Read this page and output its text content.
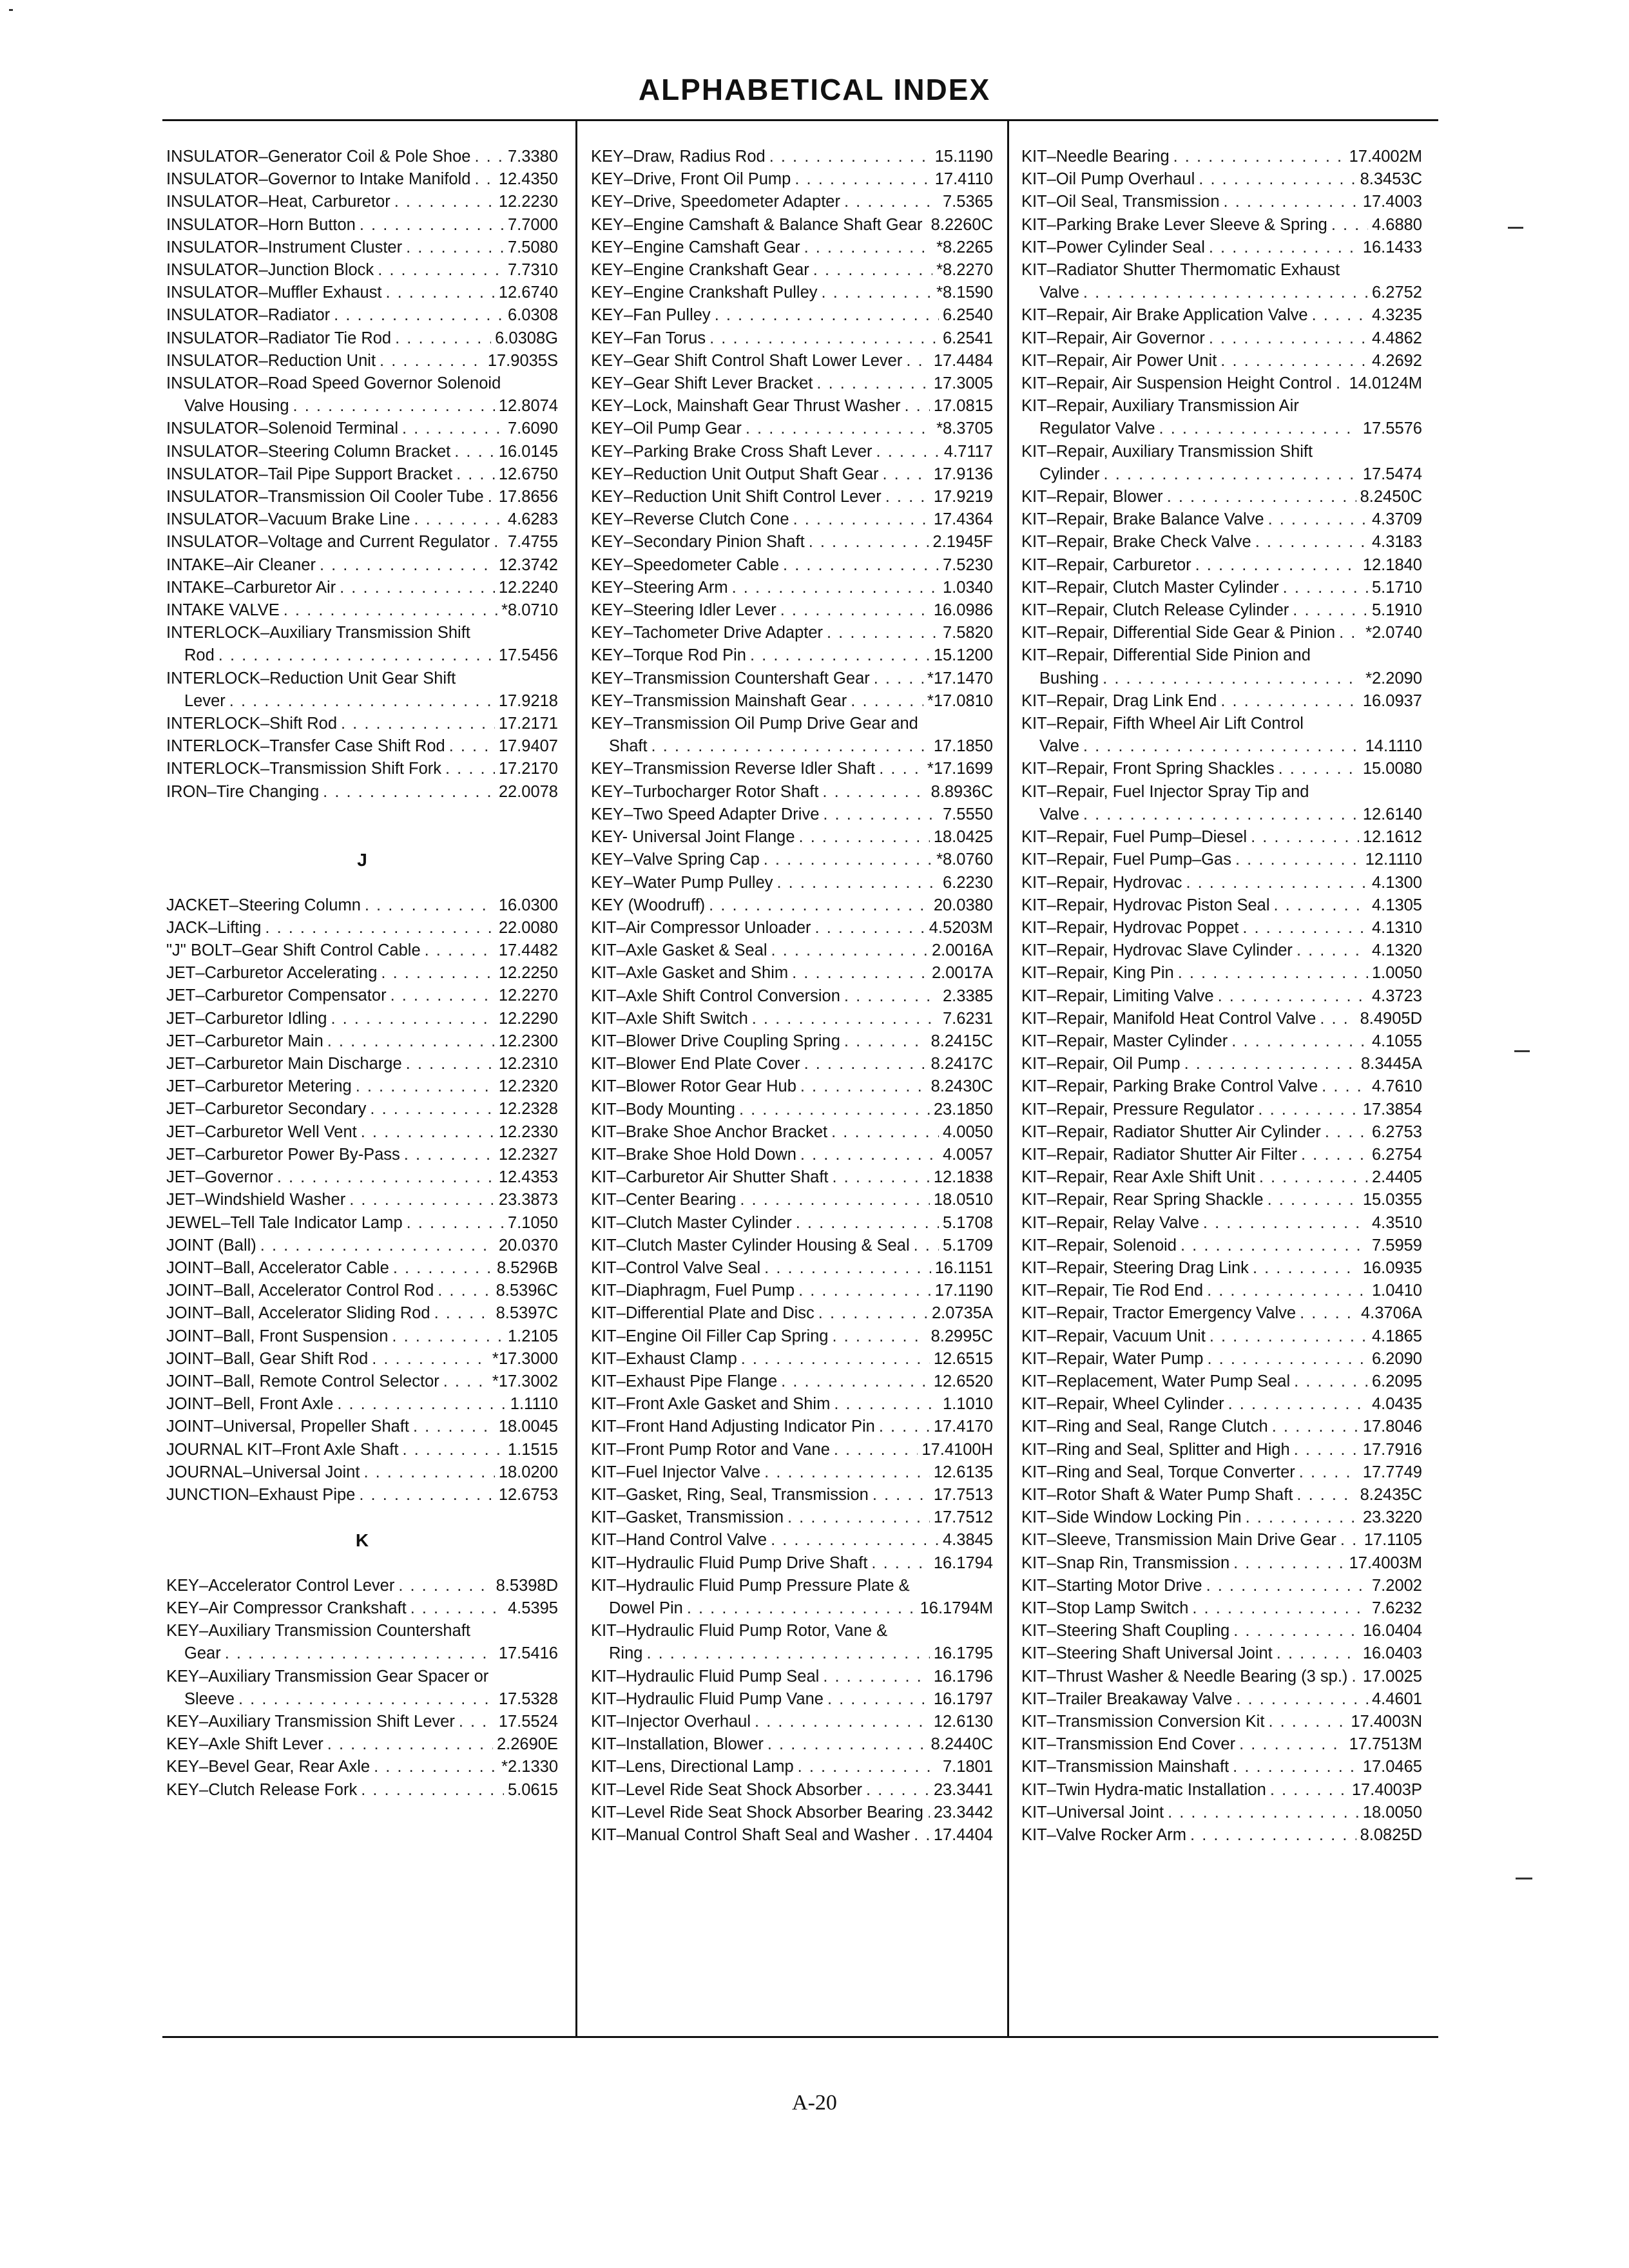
ALPHABETICAL INDEX
INSULATOR–Generator Coil & Pole Shoe . . . 7.3380
INSULATOR–Governor to Intake Manifold . . . 12.4350
INSULATOR–Heat, Carburetor . . .	12.2230
INSULATOR–Horn Button . . .	7.7000
INSULATOR–Instrument Cluster . . .	7.5080
INSULATOR–Junction Block . . .	7.7310
INSULATOR–Muffler Exhaust . . .	12.6740
INSULATOR–Radiator . . .	6.0308
INSULATOR–Radiator Tie Rod . . .	6.0308G
INSULATOR–Reduction Unit . . .	17.9035S
INSULATOR–Road Speed Governor Solenoid
Valve Housing . . .	12.8074
INSULATOR–Solenoid Terminal . . .	7.6090
INSULATOR–Steering Column Bracket . . .	16.0145
INSULATOR–Tail Pipe Support Bracket . . .	12.6750
INSULATOR–Transmission Oil Cooler Tube . . . 17.8656
INSULATOR–Vacuum Brake Line . . .	4.6283
INSULATOR–Voltage and Current Regulator . . . 7.4755
INTAKE–Air Cleaner . . .	12.3742
INTAKE–Carburetor Air . . .	12.2240
INTAKE VALVE . . .	*8.0710
INTERLOCK–Auxiliary Transmission Shift
Rod . . .	17.5456
INTERLOCK–Reduction Unit Gear Shift
Lever . . .	17.9218
INTERLOCK–Shift Rod . . .	17.2171
INTERLOCK–Transfer Case Shift Rod . . .	17.9407
INTERLOCK–Transmission Shift Fork . . .	17.2170
IRON–Tire Changing . . .	22.0078
J
JACKET–Steering Column . . .	16.0300
JACK–Lifting . . .	22.0080
"J" BOLT–Gear Shift Control Cable . . .	17.4482
JET–Carburetor Accelerating . . .	12.2250
JET–Carburetor Compensator . . .	12.2270
JET–Carburetor Idling . . .	12.2290
JET–Carburetor Main . . .	12.2300
JET–Carburetor Main Discharge . . .	12.2310
JET–Carburetor Metering . . .	12.2320
JET–Carburetor Secondary . . .	12.2328
JET–Carburetor Well Vent . . .	12.2330
JET–Carburetor Power By-Pass . . .	12.2327
JET–Governor . . .	12.4353
JET–Windshield Washer . . .	23.3873
JEWEL–Tell Tale Indicator Lamp . . .	7.1050
JOINT (Ball) . . .	20.0370
JOINT–Ball, Accelerator Cable . . .	8.5296B
JOINT–Ball, Accelerator Control Rod . . .	8.5396C
JOINT–Ball, Accelerator Sliding Rod . . .	8.5397C
JOINT–Ball, Front Suspension . . .	1.2105
JOINT–Ball, Gear Shift Rod . . .	*17.3000
JOINT–Ball, Remote Control Selector . . .	*17.3002
JOINT–Bell, Front Axle . . .	1.1110
JOINT–Universal, Propeller Shaft . . .	18.0045
JOURNAL KIT–Front Axle Shaft . . .	1.1515
JOURNAL–Universal Joint . . .	18.0200
JUNCTION–Exhaust Pipe . . .	12.6753
K
KEY–Accelerator Control Lever . . .	8.5398D
KEY–Air Compressor Crankshaft . . .	4.5395
KEY–Auxiliary Transmission Countershaft
Gear . . .	17.5416
KEY–Auxiliary Transmission Gear Spacer or
Sleeve . . .	17.5328
KEY–Auxiliary Transmission Shift Lever . . .	17.5524
KEY–Axle Shift Lever . . .	2.2690E
KEY–Bevel Gear, Rear Axle . . .	*2.1330
KEY–Clutch Release Fork . . .	5.0615
KEY–Draw, Radius Rod . . .	15.1190
KEY–Drive, Front Oil Pump . . .	17.4110
KEY–Drive, Speedometer Adapter . . .	7.5365
KEY–Engine Camshaft & Balance Shaft Gear . . . 8.2260C
KEY–Engine Camshaft Gear . . .	*8.2265
KEY–Engine Crankshaft Gear . . .	*8.2270
KEY–Engine Crankshaft Pulley . . .	*8.1590
KEY–Fan Pulley . . .	6.2540
KEY–Fan Torus . . .	6.2541
KEY–Gear Shift Control Shaft Lower Lever . . . 17.4484
KEY–Gear Shift Lever Bracket . . .	17.3005
KEY–Lock, Mainshaft Gear Thrust Washer . . . 17.0815
KEY–Oil Pump Gear . . .	*8.3705
KEY–Parking Brake Cross Shaft Lever . . .	4.7117
KEY–Reduction Unit Output Shaft Gear . . .	17.9136
KEY–Reduction Unit Shift Control Lever . . .	17.9219
KEY–Reverse Clutch Cone . . .	17.4364
KEY–Secondary Pinion Shaft . . .	2.1945F
KEY–Speedometer Cable . . .	7.5230
KEY–Steering Arm . . .	1.0340
KEY–Steering Idler Lever . . .	16.0986
KEY–Tachometer Drive Adapter . . .	7.5820
KEY–Torque Rod Pin . . .	15.1200
KEY–Transmission Countershaft Gear . . .	*17.1470
KEY–Transmission Mainshaft Gear . . .	*17.0810
KEY–Transmission Oil Pump Drive Gear and
Shaft . . .	17.1850
KEY–Transmission Reverse Idler Shaft . . .	*17.1699
KEY–Turbocharger Rotor Shaft . . .	8.8936C
KEY–Two Speed Adapter Drive . . .	7.5550
KEY- Universal Joint Flange . . .	18.0425
KEY–Valve Spring Cap . . .	*8.0760
KEY–Water Pump Pulley . . .	6.2230
KEY (Woodruff) . . .	20.0380
KIT–Air Compressor Unloader . . .	4.5203M
KIT–Axle Gasket & Seal . . .	2.0016A
KIT–Axle Gasket and Shim . . .	2.0017A
KIT–Axle Shift Control Conversion . . .	2.3385
KIT–Axle Shift Switch . . .	7.6231
KIT–Blower Drive Coupling Spring . . .	8.2415C
KIT–Blower End Plate Cover . . .	8.2417C
KIT–Blower Rotor Gear Hub . . .	8.2430C
KIT–Body Mounting . . .	23.1850
KIT–Brake Shoe Anchor Bracket . . .	4.0050
KIT–Brake Shoe Hold Down . . .	4.0057
KIT–Carburetor Air Shutter Shaft . . .	12.1838
KIT–Center Bearing . . .	18.0510
KIT–Clutch Master Cylinder . . .	5.1708
KIT–Clutch Master Cylinder Housing & Seal . . . 5.1709
KIT–Control Valve Seal . . .	16.1151
KIT–Diaphragm, Fuel Pump . . .	17.1190
KIT–Differential Plate and Disc . . .	2.0735A
KIT–Engine Oil Filler Cap Spring . . .	8.2995C
KIT–Exhaust Clamp . . .	12.6515
KIT–Exhaust Pipe Flange . . .	12.6520
KIT–Front Axle Gasket and Shim . . .	1.1010
KIT–Front Hand Adjusting Indicator Pin . . .	17.4170
KIT–Front Pump Rotor and Vane . . .	17.4100H
KIT–Fuel Injector Valve . . .	12.6135
KIT–Gasket, Ring, Seal, Transmission . . .	17.7513
KIT–Gasket, Transmission . . .	17.7512
KIT–Hand Control Valve . . .	4.3845
KIT–Hydraulic Fluid Pump Drive Shaft . . .	16.1794
KIT–Hydraulic Fluid Pump Pressure Plate &
Dowel Pin . . .	16.1794M
KIT–Hydraulic Fluid Pump Rotor, Vane &
Ring . . .	16.1795
KIT–Hydraulic Fluid Pump Seal . . .	16.1796
KIT–Hydraulic Fluid Pump Vane . . .	16.1797
KIT–Injector Overhaul . . .	12.6130
KIT–Installation, Blower . . .	8.2440C
KIT–Lens, Directional Lamp . . .	7.1801
KIT–Level Ride Seat Shock Absorber . . .	23.3441
KIT–Level Ride Seat Shock Absorber Bearing . . . 23.3442
KIT–Manual Control Shaft Seal and Washer . . . 17.4404
KIT–Needle Bearing . . .	17.4002M
KIT–Oil Pump Overhaul . . .	8.3453C
KIT–Oil Seal, Transmission . . .	17.4003
KIT–Parking Brake Lever Sleeve & Spring . . .	4.6880
KIT–Power Cylinder Seal . . .	16.1433
KIT–Radiator Shutter Thermomatic Exhaust
Valve . . .	6.2752
KIT–Repair, Air Brake Application Valve . . .	4.3235
KIT–Repair, Air Governor . . .	4.4862
KIT–Repair, Air Power Unit . . .	4.2692
KIT–Repair, Air Suspension Height Control . . . 14.0124M
KIT–Repair, Auxiliary Transmission Air
Regulator Valve . . .	17.5576
KIT–Repair, Auxiliary Transmission Shift
Cylinder . . .	17.5474
KIT–Repair, Blower . . .	8.2450C
KIT–Repair, Brake Balance Valve . . .	4.3709
KIT–Repair, Brake Check Valve . . .	4.3183
KIT–Repair, Carburetor . . .	12.1840
KIT–Repair, Clutch Master Cylinder . . .	5.1710
KIT–Repair, Clutch Release Cylinder . . .	5.1910
KIT–Repair, Differential Side Gear & Pinion . . . *2.0740
KIT–Repair, Differential Side Pinion and
Bushing . . .	*2.2090
KIT–Repair, Drag Link End . . .	16.0937
KIT–Repair, Fifth Wheel Air Lift Control
Valve . . .	14.1110
KIT–Repair, Front Spring Shackles . . .	15.0080
KIT–Repair, Fuel Injector Spray Tip and
Valve . . .	12.6140
KIT–Repair, Fuel Pump–Diesel . . .	12.1612
KIT–Repair, Fuel Pump–Gas . . .	12.1110
KIT–Repair, Hydrovac . . .	4.1300
KIT–Repair, Hydrovac Piston Seal . . .	4.1305
KIT–Repair, Hydrovac Poppet . . .	4.1310
KIT–Repair, Hydrovac Slave Cylinder . . .	4.1320
KIT–Repair, King Pin . . .	1.0050
KIT–Repair, Limiting Valve . . .	4.3723
KIT–Repair, Manifold Heat Control Valve . . .	8.4905D
KIT–Repair, Master Cylinder . . .	4.1055
KIT–Repair, Oil Pump . . .	8.3445A
KIT–Repair, Parking Brake Control Valve . . .	4.7610
KIT–Repair, Pressure Regulator . . .	17.3854
KIT–Repair, Radiator Shutter Air Cylinder . . .	6.2753
KIT–Repair, Radiator Shutter Air Filter . . .	6.2754
KIT–Repair, Rear Axle Shift Unit . . .	2.4405
KIT–Repair, Rear Spring Shackle . . .	15.0355
KIT–Repair, Relay Valve . . .	4.3510
KIT–Repair, Solenoid . . .	7.5959
KIT–Repair, Steering Drag Link . . .	16.0935
KIT–Repair, Tie Rod End . . .	1.0410
KIT–Repair, Tractor Emergency Valve . . .	4.3706A
KIT–Repair, Vacuum Unit . . .	4.1865
KIT–Repair, Water Pump . . .	6.2090
KIT–Replacement, Water Pump Seal . . .	6.2095
KIT–Repair, Wheel Cylinder . . .	4.0435
KIT–Ring and Seal, Range Clutch . . .	17.8046
KIT–Ring and Seal, Splitter and High . . .	17.7916
KIT–Ring and Seal, Torque Converter . . .	17.7749
KIT–Rotor Shaft & Water Pump Shaft . . .	8.2435C
KIT–Side Window Locking Pin . . .	23.3220
KIT–Sleeve, Transmission Main Drive Gear . . . 17.1105
KIT–Snap Rin, Transmission . . .	17.4003M
KIT–Starting Motor Drive . . .	7.2002
KIT–Stop Lamp Switch . . .	7.6232
KIT–Steering Shaft Coupling . . .	16.0404
KIT–Steering Shaft Universal Joint . . .	16.0403
KIT–Thrust Washer & Needle Bearing (3 sp.) . . . 17.0025
KIT–Trailer Breakaway Valve . . .	4.4601
KIT–Transmission Conversion Kit . . .	17.4003N
KIT–Transmission End Cover . . .	17.7513M
KIT–Transmission Mainshaft . . .	17.0465
KIT–Twin Hydra-matic Installation . . .	17.4003P
KIT–Universal Joint . . .	18.0050
KIT–Valve Rocker Arm . . .	8.0825D
A-20
